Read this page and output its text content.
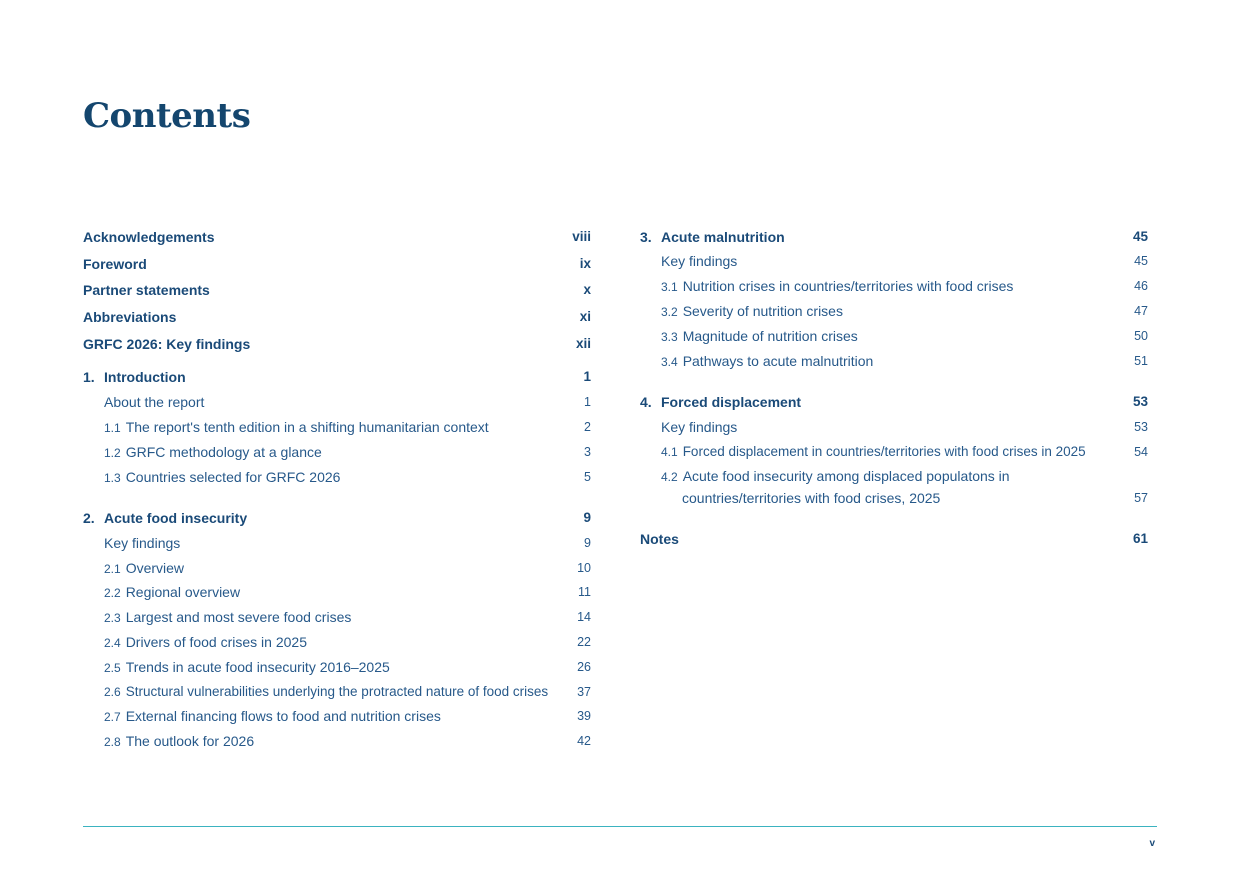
Contents
Acknowledgements	viii
Foreword	ix
Partner statements	x
Abbreviations	xi
GRFC 2026: Key findings	xii
1. Introduction	1
About the report	1
1.1 The report's tenth edition in a shifting humanitarian context	2
1.2 GRFC methodology at a glance	3
1.3 Countries selected for GRFC 2026	5
2. Acute food insecurity	9
Key findings	9
2.1 Overview	10
2.2 Regional overview	11
2.3 Largest and most severe food crises	14
2.4 Drivers of food crises in 2025	22
2.5 Trends in acute food insecurity 2016–2025	26
2.6 Structural vulnerabilities underlying the protracted nature of food crises 37
2.7 External financing flows to food and nutrition crises	39
2.8 The outlook for 2026	42
3. Acute malnutrition	45
Key findings	45
3.1 Nutrition crises in countries/territories with food crises	46
3.2 Severity of nutrition crises	47
3.3 Magnitude of nutrition crises	50
3.4 Pathways to acute malnutrition	51
4. Forced displacement	53
Key findings	53
4.1 Forced displacement in countries/territories with food crises in 2025	54
4.2 Acute food insecurity among displaced populatons in
countries/territories with food crises, 2025	57
Notes	61
v
